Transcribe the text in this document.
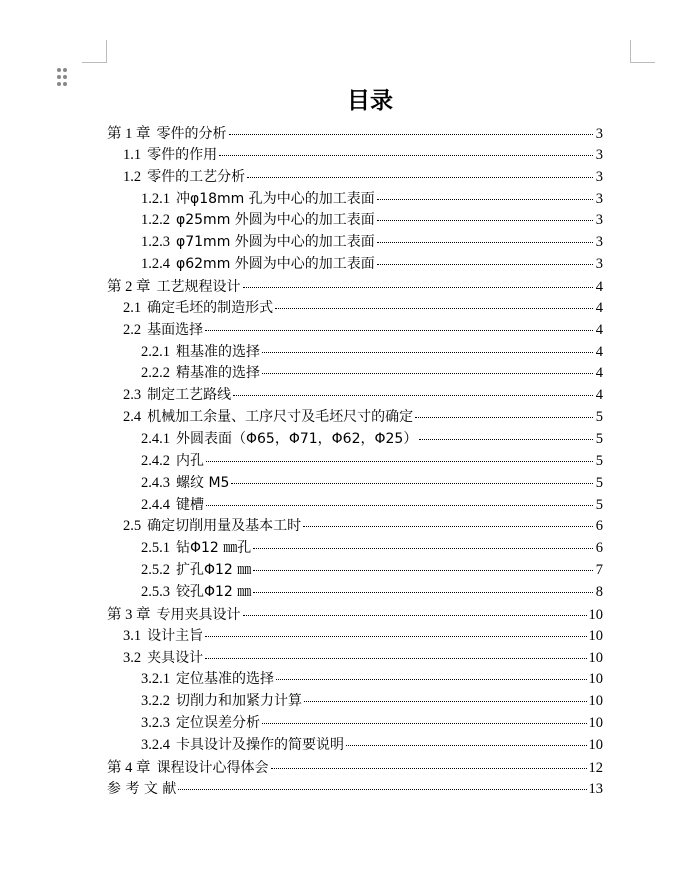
目录
第 1 章 零件的分析	3
1.1 零件的作用	3
1.2 零件的工艺分析	3
1.2.1 冲φ18mm 孔为中心的加工表面	3
1.2.2 φ25mm 外圆为中心的加工表面	3
1.2.3 φ71mm 外圆为中心的加工表面	3
1.2.4 φ62mm 外圆为中心的加工表面	3
第 2 章 工艺规程设计	4
2.1 确定毛坯的制造形式	4
2.2 基面选择	4
2.2.1 粗基准的选择	4
2.2.2 精基准的选择	4
2.3 制定工艺路线	4
2.4 机械加工余量、工序尺寸及毛坯尺寸的确定	5
2.4.1 外圆表面（Φ65，Φ71，Φ62，Φ25）	5
2.4.2 内孔	5
2.4.3 螺纹 M5	5
2.4.4 键槽	5
2.5 确定切削用量及基本工时	6
2.5.1 钻Φ12 ㎜孔	6
2.5.2 扩孔Φ12 ㎜	7
2.5.3 铰孔Φ12 ㎜	8
第 3 章 专用夹具设计	10
3.1 设计主旨	10
3.2 夹具设计	10
3.2.1 定位基准的选择	10
3.2.2 切削力和加紧力计算	10
3.2.3 定位误差分析	10
3.2.4 卡具设计及操作的简要说明	10
第 4 章 课程设计心得体会	12
参 考 文 献	13
